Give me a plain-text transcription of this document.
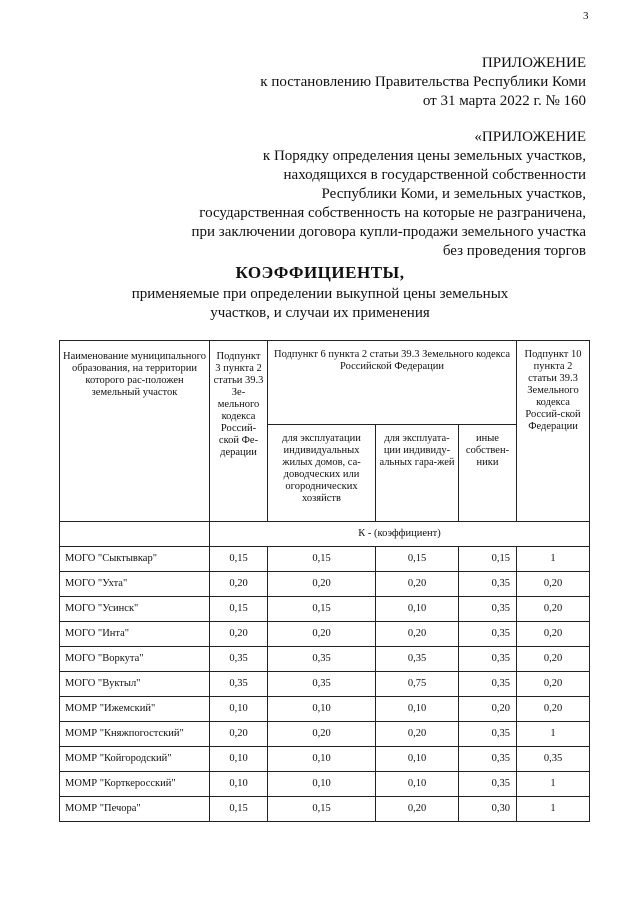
3
ПРИЛОЖЕНИЕ
к постановлению Правительства Республики Коми
от 31 марта 2022 г. № 160
«ПРИЛОЖЕНИЕ
к Порядку определения цены земельных участков,
находящихся в государственной собственности
Республики Коми, и земельных участков,
государственная собственность на которые не разграничена,
при заключении договора купли-продажи земельного участка
без проведения торгов
КОЭФФИЦИЕНТЫ,
применяемые при определении выкупной цены земельных участков, и случаи их применения
Наименование муниципального образования, на территории которого рас-положен земельный участок	Подпункт 3 пункта 2 статьи 39.3 Зе-мельного кодекса Россий-ской Фе-дерации	Подпункт 6 пункта 2 статьи 39.3 Земельного кодекса Российской Федерации			Подпункт 10 пункта 2 статьи 39.3 Земельного кодекса Россий-ской Федерации
		для эксплуатации индивидуальных жилых домов, са-доводческих или огороднических хозяйств	для эксплуата-ции индивиду-альных гара-жей	иные собствен-ники	
	К - (коэффициент)				
МОГО "Сыктывкар"	0,15	0,15	0,15	0,15	1
МОГО "Ухта"	0,20	0,20	0,20	0,35	0,20
МОГО "Усинск"	0,15	0,15	0,10	0,35	0,20
МОГО "Инта"	0,20	0,20	0,20	0,35	0,20
МОГО "Воркута"	0,35	0,35	0,35	0,35	0,20
МОГО "Вуктыл"	0,35	0,35	0,75	0,35	0,20
МОМР "Ижемский"	0,10	0,10	0,10	0,20	0,20
МОМР "Княжпогостский"	0,20	0,20	0,20	0,35	1
МОМР "Койгородский"	0,10	0,10	0,10	0,35	0,35
МОМР "Корткеросский"	0,10	0,10	0,10	0,35	1
МОМР "Печора"	0,15	0,15	0,20	0,30	1
